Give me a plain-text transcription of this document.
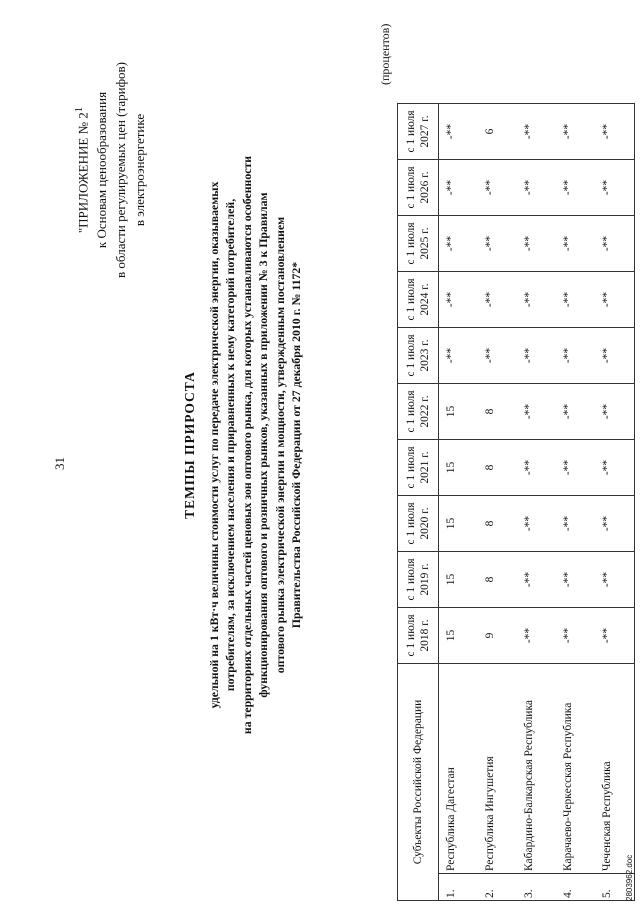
31
"ПРИЛОЖЕНИЕ № $2^1$ к Основам ценообразования в области регулируемых цен (тарифов) в электроэнергетике
ТЕМПЫ ПРИРОСТА удельной на 1 кВт·ч величины стоимости услуг по передаче электрической энергии, оказываемых потребителям, за исключением населения и приравненных к нему категорий потребителей, на территориях отдельных частей ценовых зон оптового рынка, для которых устанавливаются особенности функционирования оптового и розничных рынков, указанных в приложении № 3 к Правилам оптового рынка электрической энергии и мощности, утвержденным постановлением Правительства Российской Федерации от 27 декабря 2010 г. № 1172*
(процентов)
Субъекты Российской Федерации		с 1 июля 2018 г.	с 1 июля 2019 г.	с 1 июля 2020 г.	с 1 июля 2021 г.	с 1 июля 2022 г.	с 1 июля 2023 г.	с 1 июля 2024 г.	с 1 июля 2025 г.	с 1 июля 2026 г.	с 1 июля 2027 г.
1.	Республика Дагестан	15	15	15	15	15	-**	-**	-**	-**	-**
2.	Республика Ингушетия	9	8	8	8	8	-**	-**	-**	-**	6
3.	Кабардино-Балкарская Республика	-**	-**	-**	-**	-**	-**	-**	-**	-**	-**
4.	Карачаево-Черкесская Республика	-**	-**	-**	-**	-**	-**	-**	-**	-**	-**
5.	Чеченская Республика	-**	-**	-**	-**	-**	-**	-**	-**	-**	-**
2803962.doc
